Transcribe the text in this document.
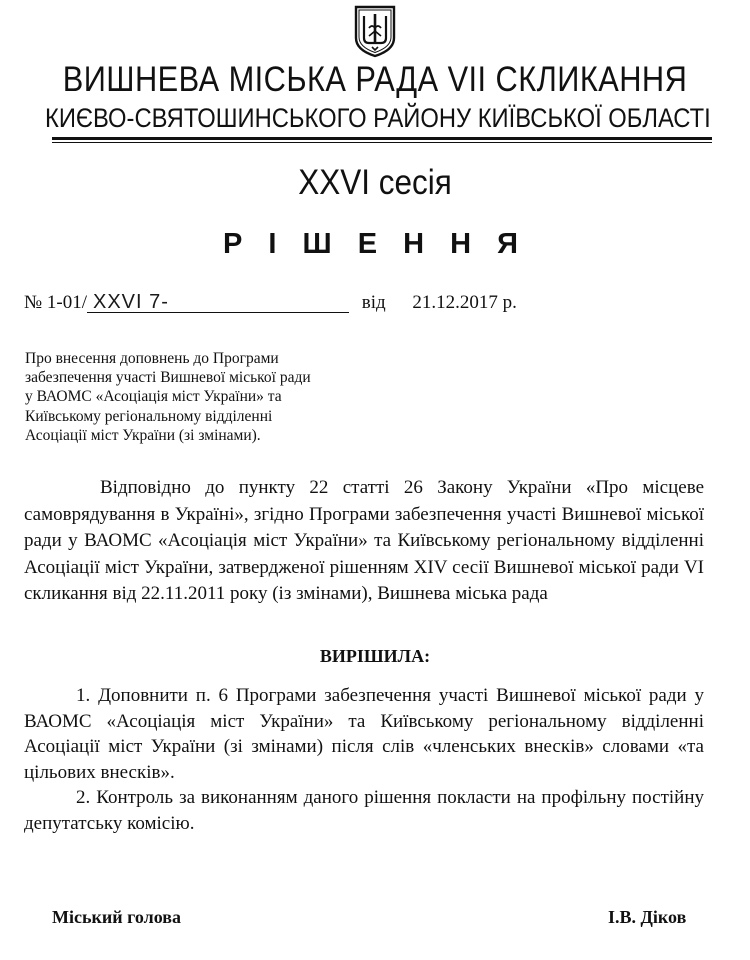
ВИШНЕВА МІСЬКА РАДА VII СКЛИКАННЯ
КИЄВО-СВЯТОШИНСЬКОГО РАЙОНУ КИЇВСЬКОЇ ОБЛАСТІ
XXVI сесія
Р І Ш Е Н Н Я
№ 1-01/ XXVI 7-	від 21.12.2017 р.
Про внесення доповнень до Програми
забезпечення участі Вишневої міської ради
у ВАОМС «Асоціація міст України» та
Київському регіональному відділенні
Асоціації міст України (зі змінами).

Відповідно до пункту 22 статті 26 Закону України «Про місцеве самоврядування в Україні», згідно Програми забезпечення участі Вишневої міської ради у ВАОМС «Асоціація міст України» та Київському регіональному відділенні Асоціації міст України, затвердженої рішенням XIV сесії Вишневої міської ради VI скликання від 22.11.2011 року (із змінами), Вишнева міська рада

ВИРІШИЛА:

1. Доповнити п. 6 Програми забезпечення участі Вишневої міської ради у ВАОМС «Асоціація міст України» та Київському регіональному відділенні Асоціації міст України (зі змінами) після слів «членських внесків» словами «та цільових внесків».

2. Контроль за виконанням даного рішення покласти на профільну постійну депутатську комісію.

Міський голова	І.В. Діков
